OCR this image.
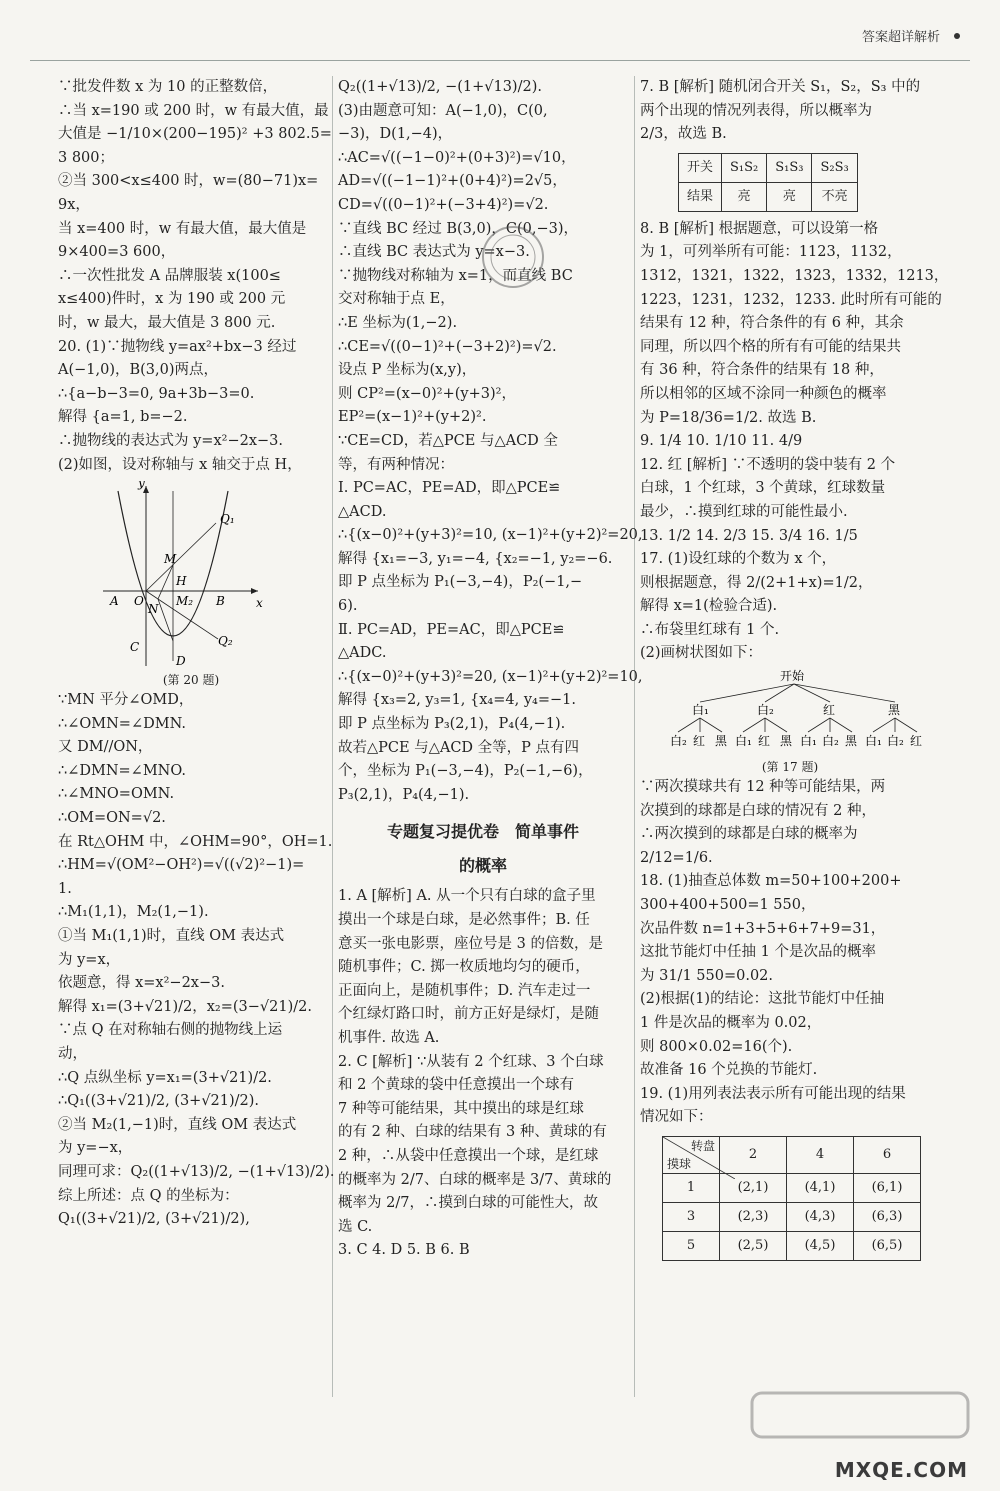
答案超详解析

∵批发件数 x 为 10 的正整数倍，

∴当 x=190 或 200 时，w 有最大值，最

大值是 −1/10×(200−195)² +3 802.5=

3 800；

②当 300<x≤400 时，w=(80−71)x=

9x，

当 x=400 时，w 有最大值，最大值是

9×400=3 600，

∴一次性批发 A 品牌服装 x(100≤

x≤400)件时，x 为 190 或 200 元

时，w 最大，最大值是 3 800 元.

20. (1)∵抛物线 y=ax²+bx−3 经过

A(−1,0)，B(3,0)两点，

∴{a−b−3=0, 9a+3b−3=0.

解得 {a=1, b=−2.

∴抛物线的表达式为 y=x²−2x−3.

(2)如图，设对称轴与 x 轴交于点 H，

y
x
O
A	B
C
D
H
M
M₂
N
Q₁
Q₂
(第 20 题)

∵MN 平分∠OMD，

∴∠OMN=∠DMN.

又 DM//ON，

∴∠DMN=∠MNO.

∴∠MNO=OMN.

∴OM=ON=√2.

在 Rt△OHM 中，∠OHM=90°，OH=1.

∴HM=√(OM²−OH²)=√((√2)²−1)=

1.

∴M₁(1,1)，M₂(1,−1).

①当 M₁(1,1)时，直线 OM 表达式

为 y=x，

依题意，得 x=x²−2x−3.

解得 x₁=(3+√21)/2，x₂=(3−√21)/2.

∵点 Q 在对称轴右侧的抛物线上运

动，

∴Q 点纵坐标 y=x₁=(3+√21)/2.

∴Q₁((3+√21)/2, (3+√21)/2).

②当 M₂(1,−1)时，直线 OM 表达式

为 y=−x，

同理可求：Q₂((1+√13)/2, −(1+√13)/2).

综上所述：点 Q 的坐标为：

Q₁((3+√21)/2, (3+√21)/2),

Q₂((1+√13)/2, −(1+√13)/2).

(3)由题意可知：A(−1,0)，C(0,

−3)，D(1,−4)，

∴AC=√((−1−0)²+(0+3)²)=√10，

AD=√((−1−1)²+(0+4)²)=2√5，

CD=√((0−1)²+(−3+4)²)=√2.

∵直线 BC 经过 B(3,0)，C(0,−3)，

∴直线 BC 表达式为 y=x−3.

∵抛物线对称轴为 x=1，而直线 BC

交对称轴于点 E，

∴E 坐标为(1,−2).

∴CE=√((0−1)²+(−3+2)²)=√2.

设点 P 坐标为(x,y)，

则 CP²=(x−0)²+(y+3)²，

EP²=(x−1)²+(y+2)².

∵CE=CD，若△PCE 与△ACD 全

等，有两种情况：

Ⅰ. PC=AC，PE=AD，即△PCE≌

△ACD.

∴{(x−0)²+(y+3)²=10, (x−1)²+(y+2)²=20,

解得 {x₁=−3, y₁=−4, {x₂=−1, y₂=−6.

即 P 点坐标为 P₁(−3,−4)，P₂(−1,−

6).

Ⅱ. PC=AD，PE=AC，即△PCE≌

△ADC.

∴{(x−0)²+(y+3)²=20, (x−1)²+(y+2)²=10,

解得 {x₃=2, y₃=1, {x₄=4, y₄=−1.

即 P 点坐标为 P₃(2,1)，P₄(4,−1).

故若△PCE 与△ACD 全等，P 点有四

个，坐标为 P₁(−3,−4)，P₂(−1,−6)，

P₃(2,1)，P₄(4,−1).

专题复习提优卷　简单事件
的概率

1. A [解析] A. 从一个只有白球的盒子里

摸出一个球是白球，是必然事件；B. 任

意买一张电影票，座位号是 3 的倍数，是

随机事件；C. 掷一枚质地均匀的硬币，

正面向上，是随机事件；D. 汽车走过一

个红绿灯路口时，前方正好是绿灯，是随

机事件. 故选 A.

2. C [解析] ∵从装有 2 个红球、3 个白球

和 2 个黄球的袋中任意摸出一个球有

7 种等可能结果，其中摸出的球是红球

的有 2 种、白球的结果有 3 种、黄球的有

2 种，∴从袋中任意摸出一个球，是红球

的概率为 2/7、白球的概率是 3/7、黄球的

概率为 2/7，∴摸到白球的可能性大，故

选 C.

3. C 4. D 5. B 6. B

7. B [解析] 随机闭合开关 S₁，S₂，S₃ 中的

两个出现的情况列表得，所以概率为

2/3，故选 B.

开关	S₁S₂	S₁S₃	S₂S₃
结果	亮	亮	不亮

8. B [解析] 根据题意，可以设第一格

为 1，可列举所有可能：1123，1132，

1312，1321，1322，1323，1332，1213，

1223，1231，1232，1233. 此时所有可能的

结果有 12 种，符合条件的有 6 种，其余

同理，所以四个格的所有有可能的结果共

有 36 种，符合条件的结果有 18 种，

所以相邻的区域不涂同一种颜色的概率

为 P=18/36=1/2. 故选 B.

9. 1/4 10. 1/10 11. 4/9

12. 红 [解析] ∵不透明的袋中装有 2 个

白球，1 个红球，3 个黄球，红球数量

最少，∴摸到红球的可能性最小.

13. 1/2 14. 2/3 15. 3/4 16. 1/5

17. (1)设红球的个数为 x 个，

则根据题意，得 2/(2+1+x)=1/2，

解得 x=1(检验合适).

∴布袋里红球有 1 个.

(2)画树状图如下：

开始
白₁	白₂	红	黑
白₂ 红 黑 白₁ 红 黑 白₁ 白₂ 黑 白₁ 白₂ 红
(第 17 题)

∵两次摸球共有 12 种等可能结果，两

次摸到的球都是白球的情况有 2 种，

∴两次摸到的球都是白球的概率为

2/12=1/6.

18. (1)抽查总体数 m=50+100+200+

300+400+500=1 550，

次品件数 n=1+3+5+6+7+9=31，

这批节能灯中任抽 1 个是次品的概率

为 31/1 550=0.02.

(2)根据(1)的结论：这批节能灯中任抽

1 件是次品的概率为 0.02，

则 800×0.02=16(个).

故准备 16 个兑换的节能灯.

19. (1)用列表法表示所有可能出现的结果

情况如下：

转盘
摸球	2	4	6
1	(2,1)	(4,1)	(6,1)
3	(2,3)	(4,3)	(6,3)
5	(2,5)	(4,5)	(6,5)
MXQE.COM
